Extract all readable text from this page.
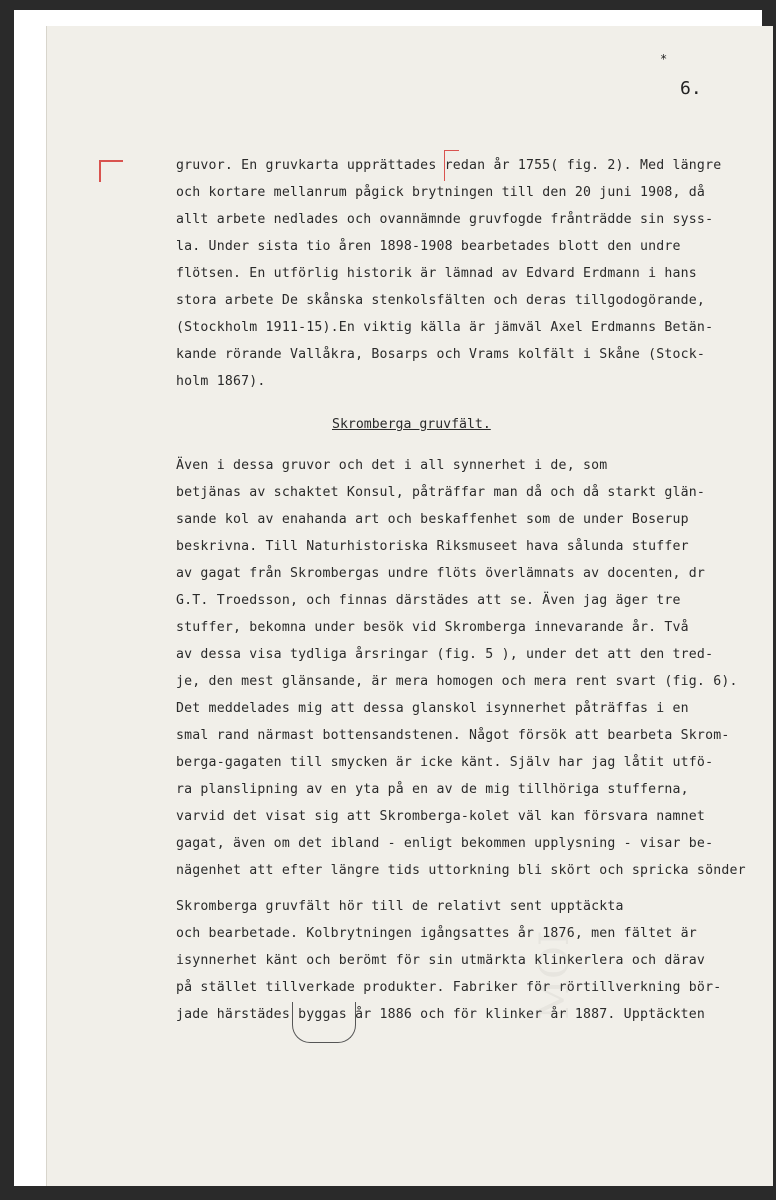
*
6.
gruvor. En gruvkarta upprättades redan år 1755( fig. 2). Med längre
och kortare mellanrum pågick brytningen till den 20 juni 1908, då
allt arbete nedlades och ovannämnde gruvfogde frånträdde sin syss-
la. Under sista tio åren 1898-1908 bearbetades blott den undre
flötsen. En utförlig historik är lämnad av Edvard Erdmann i hans
stora arbete De skånska stenkolsfälten och deras tillgodogörande,
(Stockholm 1911-15).En viktig källa är jämväl Axel Erdmanns Betän-
kande rörande Vallåkra, Bosarps och Vrams kolfält i Skåne (Stock-
holm 1867).
Skromberga gruvfält.
Även i dessa gruvor och det i all synnerhet i de, som
betjänas av schaktet Konsul, påträffar man då och då starkt glän-
sande kol av enahanda art och beskaffenhet som de under Boserup
beskrivna. Till Naturhistoriska Riksmuseet hava sålunda stuffer
av gagat från Skrombergas undre flöts överlämnats av docenten, dr
G.T. Troedsson, och finnas därstädes att se. Även jag äger tre
stuffer, bekomna under besök vid Skromberga innevarande år. Två
av dessa visa tydliga årsringar (fig. 5 ), under det att den tred-
je, den mest glänsande, är mera homogen och mera rent svart (fig. 6).
Det meddelades mig att dessa glanskol isynnerhet påträffas i en
smal rand närmast bottensandstenen. Något försök att bearbeta Skrom-
berga-gagaten till smycken är icke känt. Själv har jag låtit utfö-
ra planslipning av en yta på en av de mig tillhöriga stufferna,
varvid det visat sig att Skromberga-kolet väl kan försvara namnet
gagat, även om det ibland - enligt bekommen upplysning - visar be-
nägenhet att efter längre tids uttorkning bli skört och spricka sönder
Skromberga gruvfält hör till de relativt sent upptäckta
och bearbetade. Kolbrytningen igångsattes år 1876, men fältet är
isynnerhet känt och berömt för sin utmärkta klinkerlera och därav
på stället tillverkade produkter. Fabriker för rörtillverkning bör-
jade härstädes byggas år 1886 och för klinker år 1887. Upptäckten
MOI
